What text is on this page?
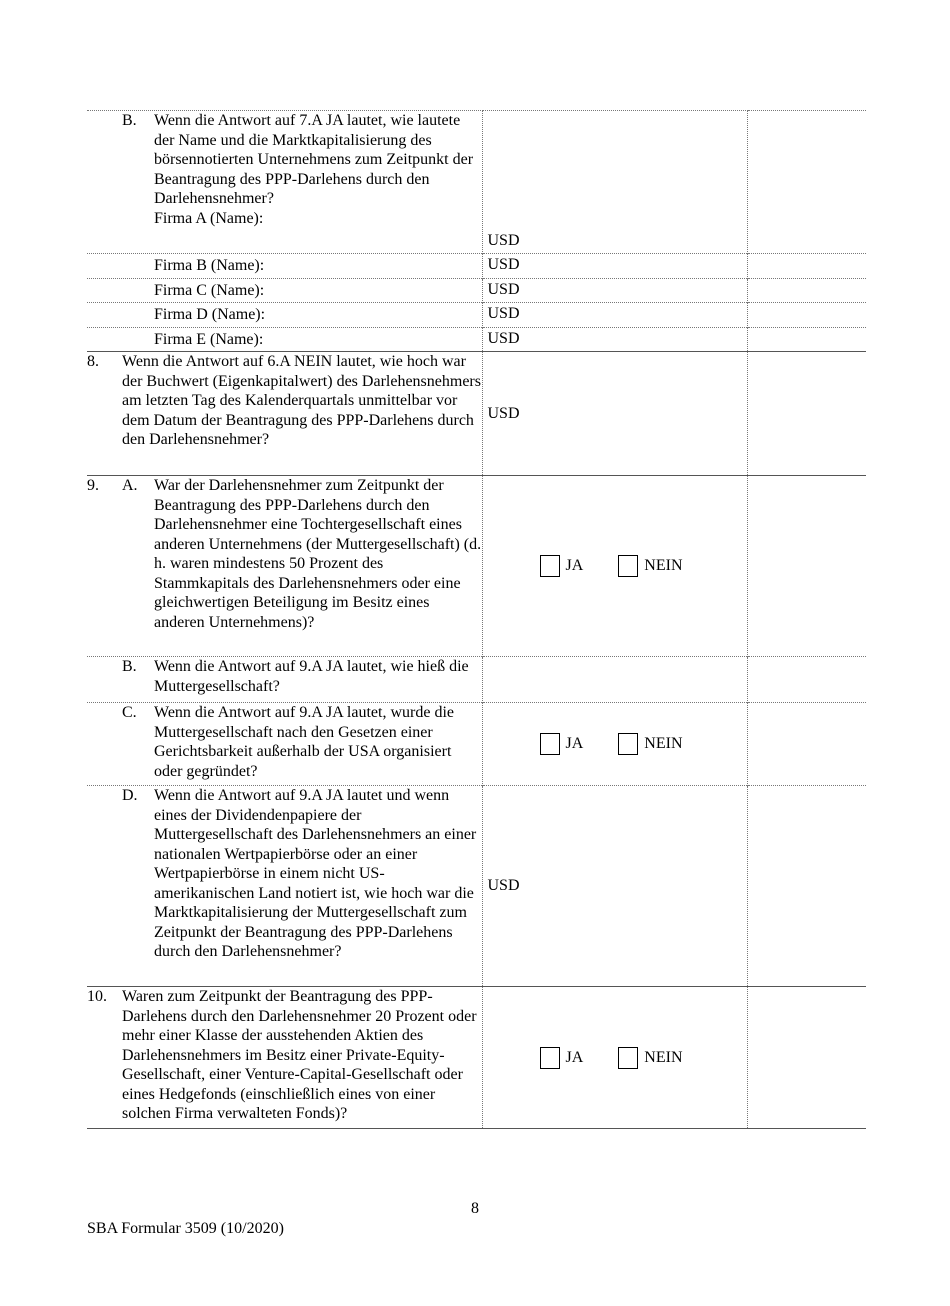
B. Wenn die Antwort auf 7.A JA lautet, wie lautete der Name und die Marktkapitalisierung des börsennotierten Unternehmens zum Zeitpunkt der Beantragung des PPP-Darlehens durch den Darlehensnehmer?
Firma A (Name):	USD	

Firma B (Name):	USD	

Firma C (Name):	USD	

Firma D (Name):	USD	

Firma E (Name):	USD	

8. Wenn die Antwort auf 6.A NEIN lautet, wie hoch war der Buchwert (Eigenkapitalwert) des Darlehensnehmers am letzten Tag des Kalenderquartals unmittelbar vor dem Datum der Beantragung des PPP-Darlehens durch den Darlehensnehmer?	USD	

9. A. War der Darlehensnehmer zum Zeitpunkt der Beantragung des PPP-Darlehens durch den Darlehensnehmer eine Tochtergesellschaft eines anderen Unternehmens (der Muttergesellschaft) (d. h. waren mindestens 50 Prozent des Stammkapitals des Darlehensnehmers oder eine gleichwertigen Beteiligung im Besitz eines anderen Unternehmens)?	JA NEIN	

B. Wenn die Antwort auf 9.A JA lautet, wie hieß die Muttergesellschaft?		

C. Wenn die Antwort auf 9.A JA lautet, wurde die Muttergesellschaft nach den Gesetzen einer Gerichtsbarkeit außerhalb der USA organisiert oder gegründet?	JA NEIN	

D. Wenn die Antwort auf 9.A JA lautet und wenn eines der Dividendenpapiere der Muttergesellschaft des Darlehensnehmers an einer nationalen Wertpapierbörse oder an einer Wertpapierbörse in einem nicht US-amerikanischen Land notiert ist, wie hoch war die Marktkapitalisierung der Muttergesellschaft zum Zeitpunkt der Beantragung des PPP-Darlehens durch den Darlehensnehmer?	USD	

10. Waren zum Zeitpunkt der Beantragung des PPP-Darlehens durch den Darlehensnehmer 20 Prozent oder mehr einer Klasse der ausstehenden Aktien des Darlehensnehmers im Besitz einer Private-Equity-Gesellschaft, einer Venture-Capital-Gesellschaft oder eines Hedgefonds (einschließlich eines von einer solchen Firma verwalteten Fonds)?	JA NEIN	

8
SBA Formular 3509 (10/2020)
